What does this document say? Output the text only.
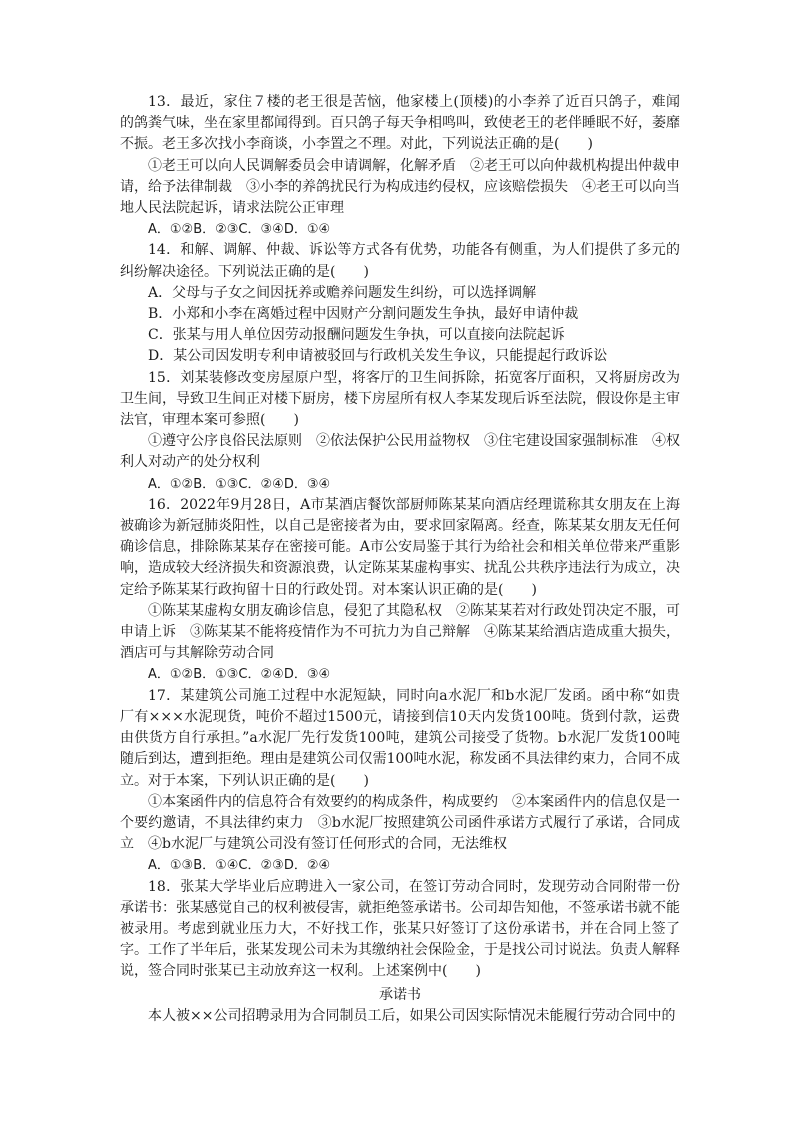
13．最近，家住７楼的老王很是苦恼，他家楼上(顶楼)的小李养了近百只鸽子，难闻的鸽粪气味，坐在家里都闻得到。百只鸽子每天争相鸣叫，致使老王的老伴睡眠不好，萎靡不振。老王多次找小李商谈，小李置之不理。对此，下列说法正确的是(　　)

①老王可以向人民调解委员会申请调解，化解矛盾　②老王可以向仲裁机构提出仲裁申请，给予法律制裁　③小李的养鸽扰民行为构成违约侵权，应该赔偿损失　④老王可以向当地人民法院起诉，请求法院公正审理

A．①②B．②③C．③④D．①④

14．和解、调解、仲裁、诉讼等方式各有优势，功能各有侧重，为人们提供了多元的纠纷解决途径。下列说法正确的是(　　)

A．父母与子女之间因抚养或赡养问题发生纠纷，可以选择调解
B．小郑和小李在离婚过程中因财产分割问题发生争执，最好申请仲裁
C．张某与用人单位因劳动报酬问题发生争执，可以直接向法院起诉
D．某公司因发明专利申请被驳回与行政机关发生争议，只能提起行政诉讼

15．刘某装修改变房屋原户型，将客厅的卫生间拆除，拓宽客厅面积，又将厨房改为卫生间，导致卫生间正对楼下厨房，楼下房屋所有权人李某发现后诉至法院，假设你是主审法官，审理本案可参照(　　)

①遵守公序良俗民法原则　②依法保护公民用益物权　③住宅建设国家强制标准　④权利人对动产的处分权利

A．①②B．①③C．②④D．③④

16．2022年9月28日，A市某酒店餐饮部厨师陈某某向酒店经理谎称其女朋友在上海被确诊为新冠肺炎阳性，以自己是密接者为由，要求回家隔离。经查，陈某某女朋友无任何确诊信息，排除陈某某存在密接可能。A市公安局鉴于其行为给社会和相关单位带来严重影响，造成较大经济损失和资源浪费，认定陈某某虚构事实、扰乱公共秩序违法行为成立，决定给予陈某某行政拘留十日的行政处罚。对本案认识正确的是(　　)

①陈某某虚构女朋友确诊信息，侵犯了其隐私权　②陈某某若对行政处罚决定不服，可申请上诉　③陈某某不能将疫情作为不可抗力为自己辩解　④陈某某给酒店造成重大损失，酒店可与其解除劳动合同

A．①②B．①③C．②④D．③④

17．某建筑公司施工过程中水泥短缺，同时向a水泥厂和b水泥厂发函。函中称“如贵厂有×××水泥现货，吨价不超过1500元，请接到信10天内发货100吨。货到付款，运费由供货方自行承担。”a水泥厂先行发货100吨，建筑公司接受了货物。b水泥厂发货100吨随后到达，遭到拒绝。理由是建筑公司仅需100吨水泥，称发函不具法律约束力，合同不成立。对于本案，下列认识正确的是(　　)

①本案函件内的信息符合有效要约的构成条件，构成要约　②本案函件内的信息仅是一个要约邀请，不具法律约束力　③b水泥厂按照建筑公司函件承诺方式履行了承诺，合同成立　④b水泥厂与建筑公司没有签订任何形式的合同，无法维权

A．①③B．①④C．②③D．②④

18．张某大学毕业后应聘进入一家公司，在签订劳动合同时，发现劳动合同附带一份承诺书：张某感觉自己的权利被侵害，就拒绝签承诺书。公司却告知他，不签承诺书就不能被录用。考虑到就业压力大，不好找工作，张某只好签订了这份承诺书，并在合同上签了字。工作了半年后，张某发现公司未为其缴纳社会保险金，于是找公司讨说法。负责人解释说，签合同时张某已主动放弃这一权利。上述案例中(　　)

承诺书

本人被××公司招聘录用为合同制员工后，如果公司因实际情况未能履行劳动合同中的
